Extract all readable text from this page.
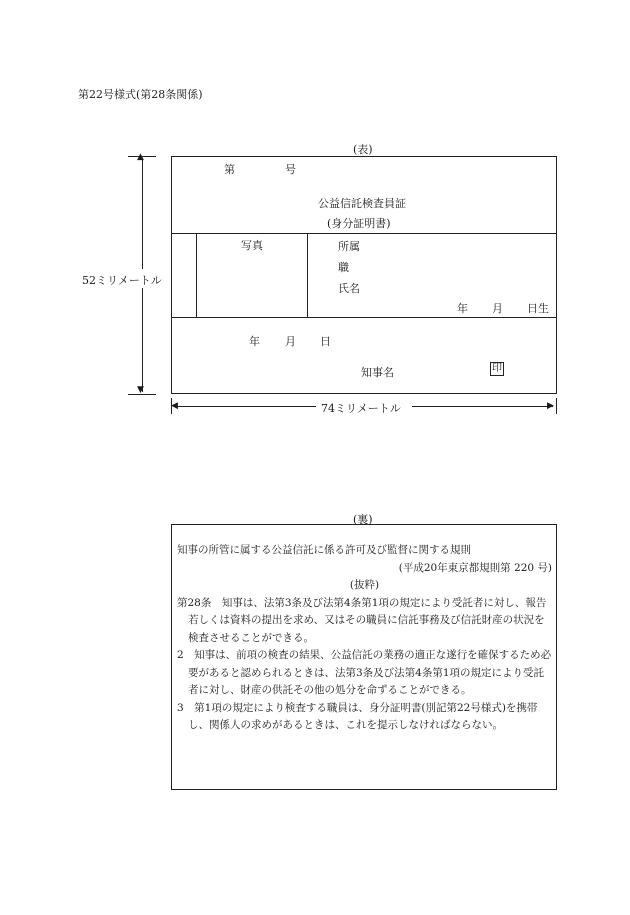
第22号様式(第28条関係)
(表)
第	号
公益信託検査員証
(身分証明書)
写真	所属
職
氏名
年 月 日生
年 月 日
知事名	印
▲
▼
52ミリメートル
◀	▶
74ミリメートル
(裏)

知事の所管に属する公益信託に係る許可及び監督に関する規則

(平成20年東京都規則第 220 号)

(抜粋)

第28条　知事は、法第3条及び法第4条第1項の規定により受託者に対し、報告若しくは資料の提出を求め、又はその職員に信託事務及び信託財産の状況を検査させることができる。

2　知事は、前項の検査の結果、公益信託の業務の適正な遂行を確保するため必要があると認められるときは、法第3条及び法第4条第1項の規定により受託者に対し、財産の供託その他の処分を命ずることができる。

3　第1項の規定により検査する職員は、身分証明書(別記第22号様式)を携帯し、関係人の求めがあるときは、これを提示しなければならない。
